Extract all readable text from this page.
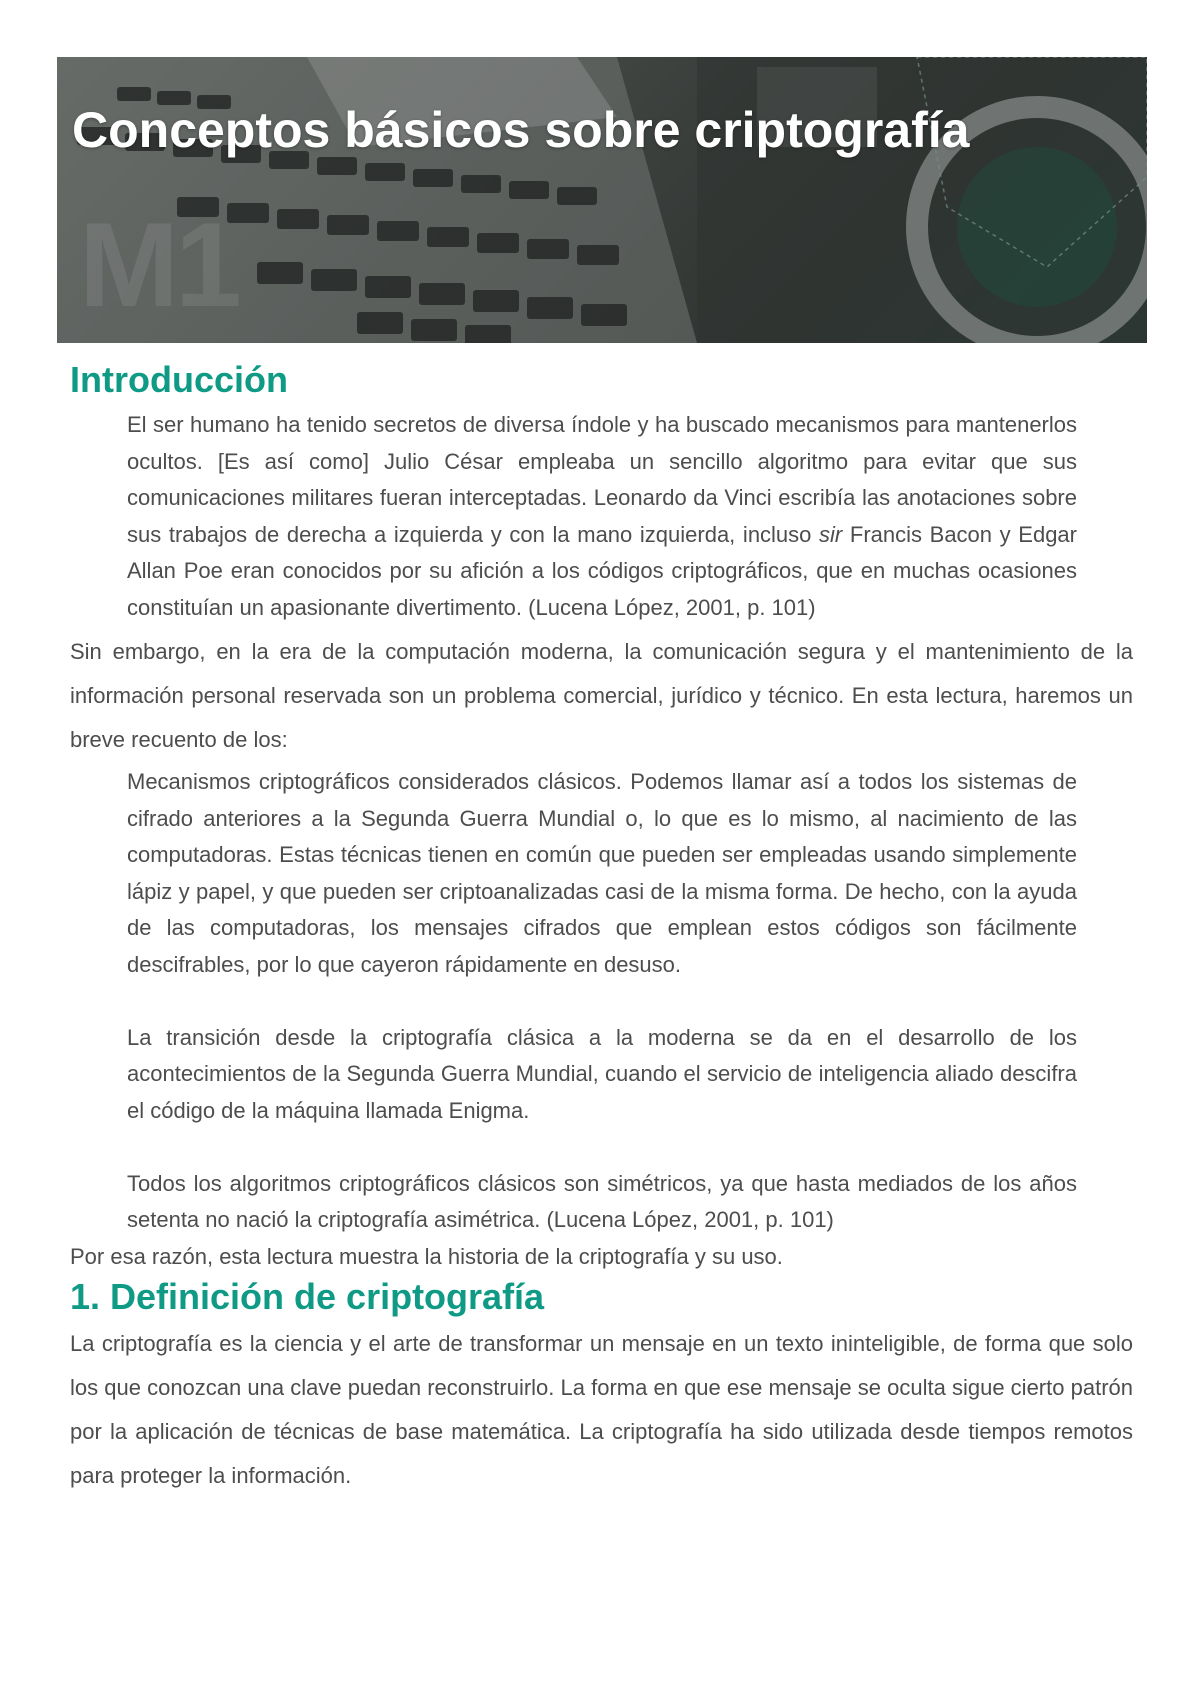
M1
Conceptos básicos sobre criptografía
Introducción
El ser humano ha tenido secretos de diversa índole y ha buscado mecanismos para mantenerlos ocultos. [Es así como] Julio César empleaba un sencillo algoritmo para evitar que sus comunicaciones militares fueran interceptadas. Leonardo da Vinci escribía las anotaciones sobre sus trabajos de derecha a izquierda y con la mano izquierda, incluso sir Francis Bacon y Edgar Allan Poe eran conocidos por su afición a los códigos criptográficos, que en muchas ocasiones constituían un apasionante divertimento. (Lucena López, 2001, p. 101)

Sin embargo, en la era de la computación moderna, la comunicación segura y el mantenimiento de la información personal reservada son un problema comercial, jurídico y técnico. En esta lectura, haremos un breve recuento de los:

Mecanismos criptográficos considerados clásicos. Podemos llamar así a todos los sistemas de cifrado anteriores a la Segunda Guerra Mundial o, lo que es lo mismo, al nacimiento de las computadoras. Estas técnicas tienen en común que pueden ser empleadas usando simplemente lápiz y papel, y que pueden ser criptoanalizadas casi de la misma forma. De hecho, con la ayuda de las computadoras, los mensajes cifrados que emplean estos códigos son fácilmente descifrables, por lo que cayeron rápidamente en desuso.
La transición desde la criptografía clásica a la moderna se da en el desarrollo de los acontecimientos de la Segunda Guerra Mundial, cuando el servicio de inteligencia aliado descifra el código de la máquina llamada Enigma.
Todos los algoritmos criptográficos clásicos son simétricos, ya que hasta mediados de los años setenta no nació la criptografía asimétrica. (Lucena López, 2001, p. 101)

Por esa razón, esta lectura muestra la historia de la criptografía y su uso.

1. Definición de criptografía

La criptografía es la ciencia y el arte de transformar un mensaje en un texto ininteligible, de forma que solo los que conozcan una clave puedan reconstruirlo. La forma en que ese mensaje se oculta sigue cierto patrón por la aplicación de técnicas de base matemática. La criptografía ha sido utilizada desde tiempos remotos para proteger la información.
